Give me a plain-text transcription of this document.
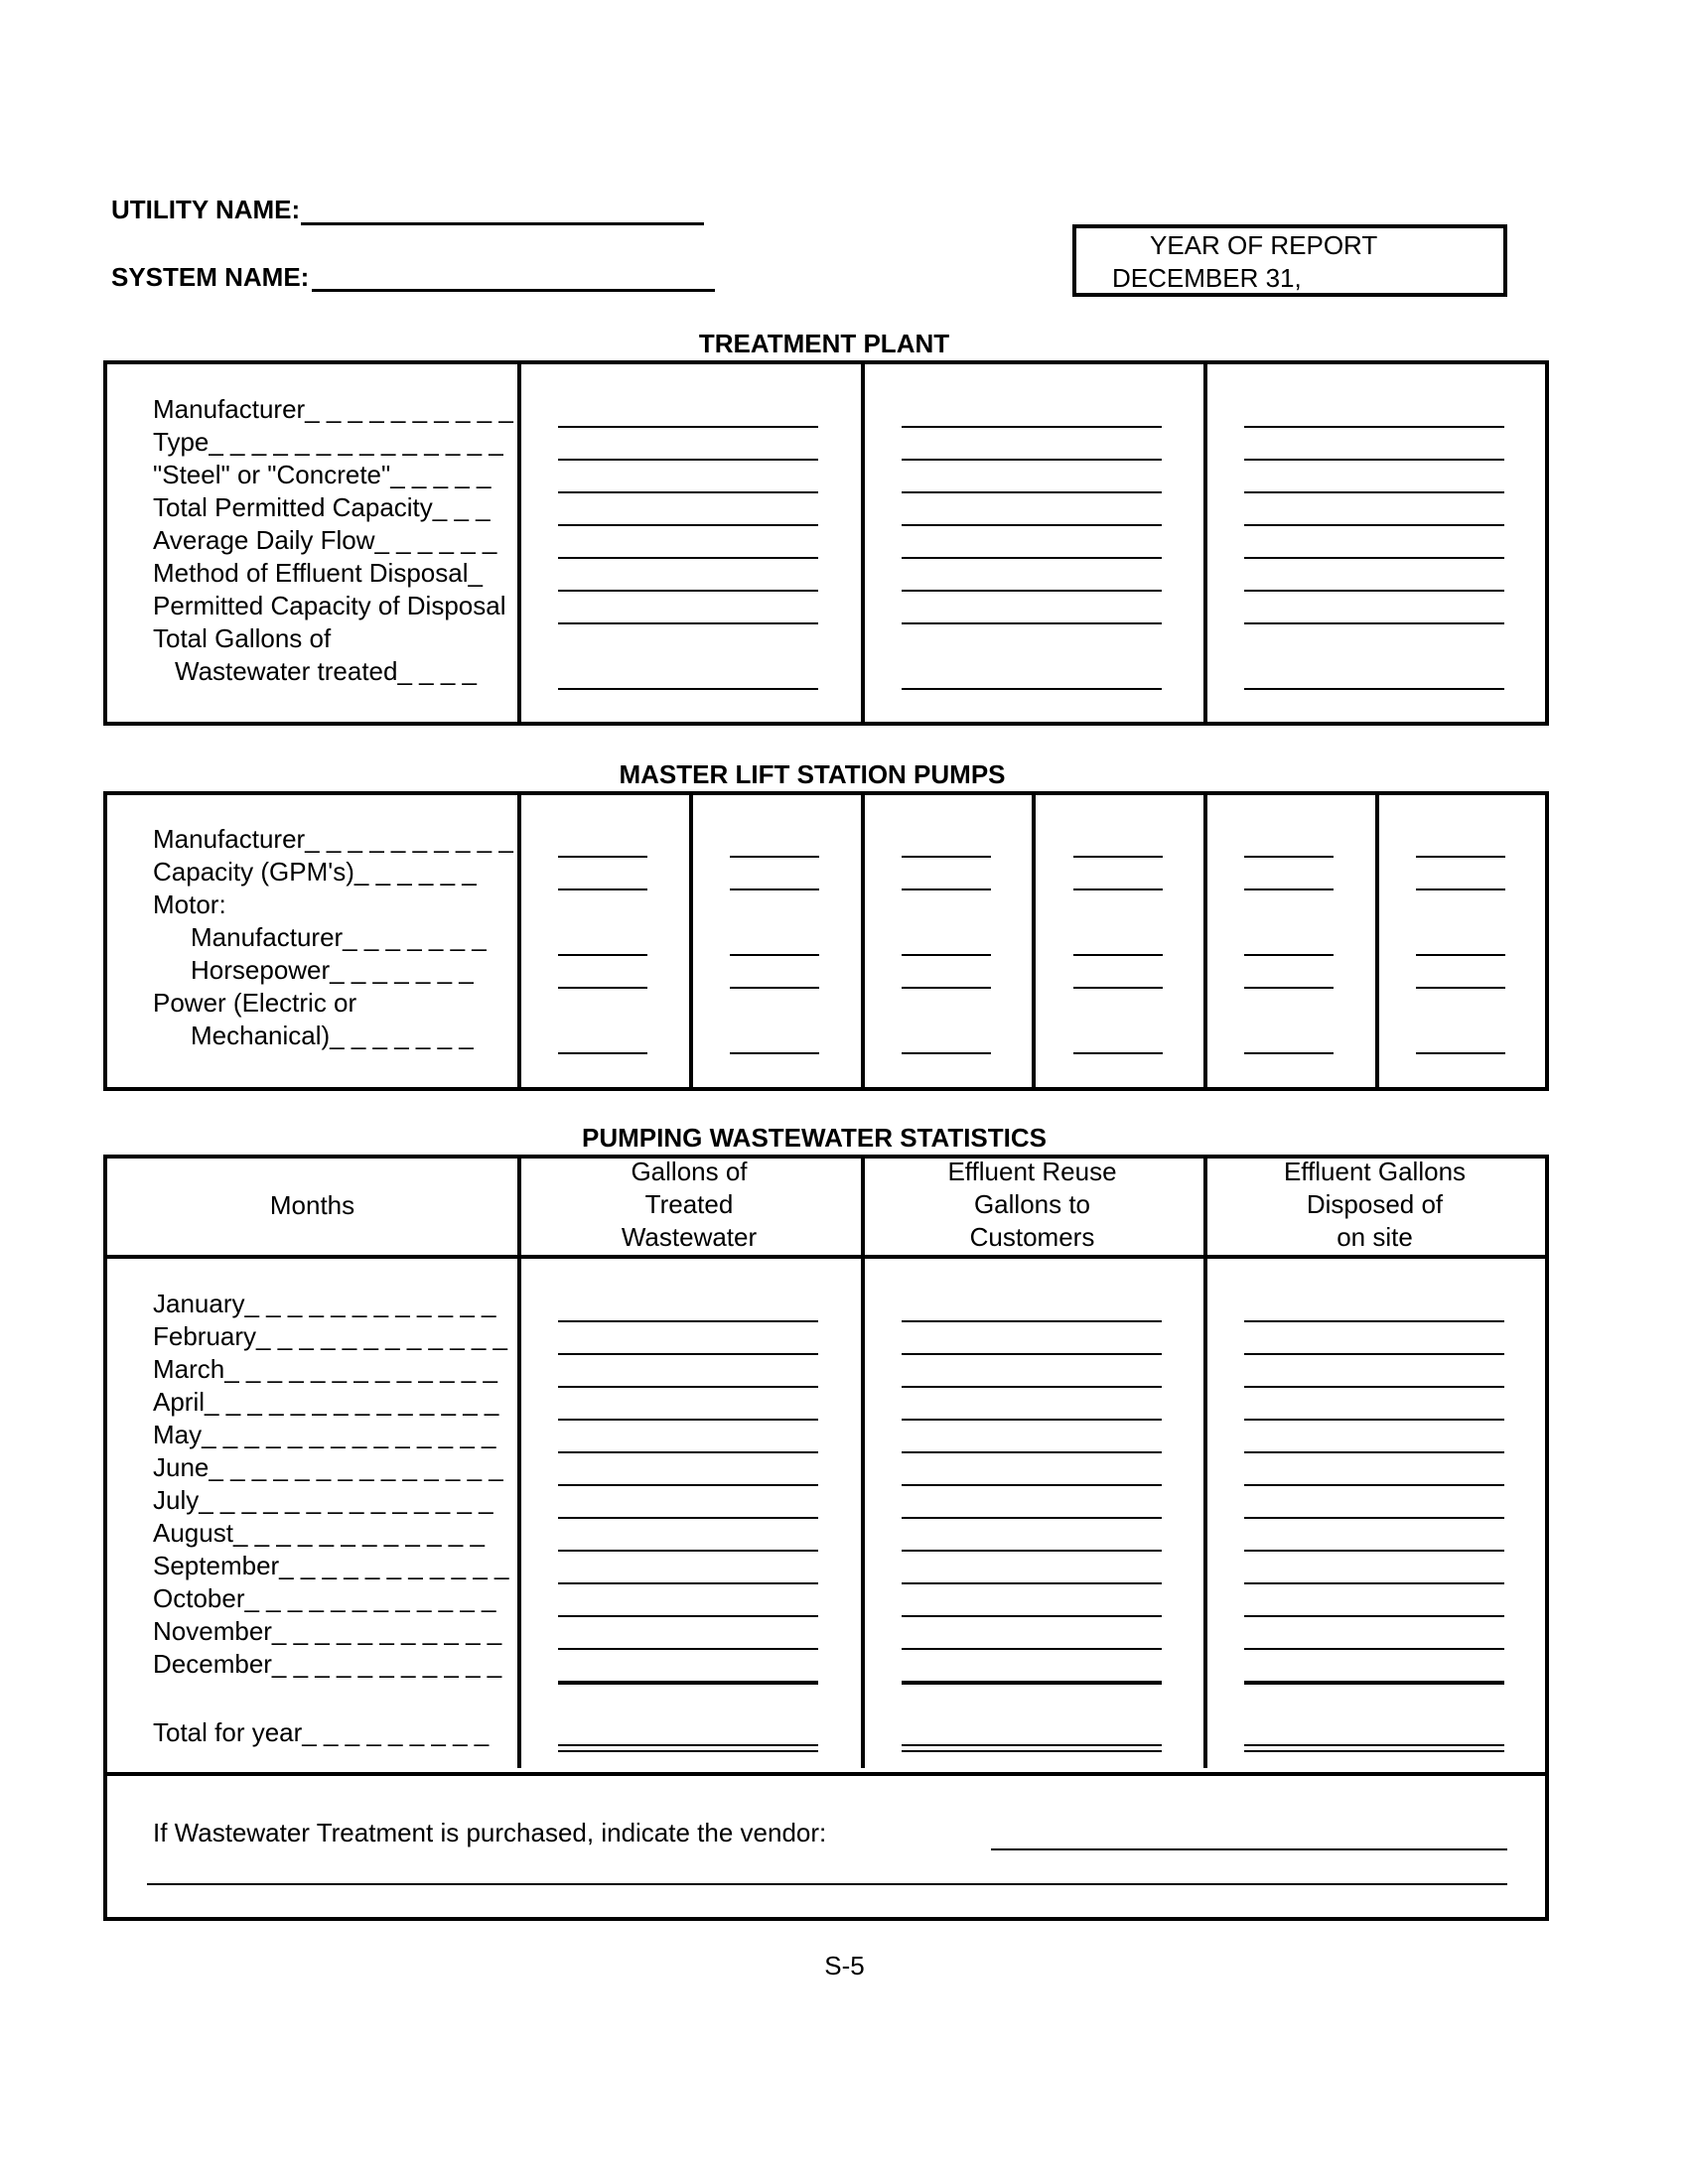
UTILITY NAME:
SYSTEM NAME:
YEAR OF REPORT
DECEMBER 31,
TREATMENT PLANT
Manufacturer_ _ _ _ _ _ _ _ _ _
Type_ _ _ _ _ _ _ _ _ _ _ _ _ _
"Steel" or "Concrete"_ _ _ _ _
Total Permitted Capacity_ _ _
Average Daily Flow_ _ _ _ _ _
Method of Effluent Disposal_
Permitted Capacity of Disposal
Total Gallons of
Wastewater treated_ _ _ _
MASTER LIFT STATION PUMPS
Manufacturer_ _ _ _ _ _ _ _ _ _
Capacity (GPM's)_ _ _ _ _ _
Motor:
Manufacturer_ _ _ _ _ _ _
Horsepower_ _ _ _ _ _ _
Power (Electric or
Mechanical)_ _ _ _ _ _ _
PUMPING WASTEWATER STATISTICS
Months
Gallons of
Treated
Wastewater
Effluent Reuse
Gallons to
Customers
Effluent Gallons
Disposed of
on site
January_ _ _ _ _ _ _ _ _ _ _ _
February_ _ _ _ _ _ _ _ _ _ _ _
March_ _ _ _ _ _ _ _ _ _ _ _ _
April_ _ _ _ _ _ _ _ _ _ _ _ _ _
May_ _ _ _ _ _ _ _ _ _ _ _ _ _
June_ _ _ _ _ _ _ _ _ _ _ _ _ _
July_ _ _ _ _ _ _ _ _ _ _ _ _ _
August_ _ _ _ _ _ _ _ _ _ _ _
September_ _ _ _ _ _ _ _ _ _ _
October_ _ _ _ _ _ _ _ _ _ _ _
November_ _ _ _ _ _ _ _ _ _ _
December_ _ _ _ _ _ _ _ _ _ _
Total for year_ _ _ _ _ _ _ _ _
If Wastewater Treatment is purchased, indicate the vendor:
S-5
